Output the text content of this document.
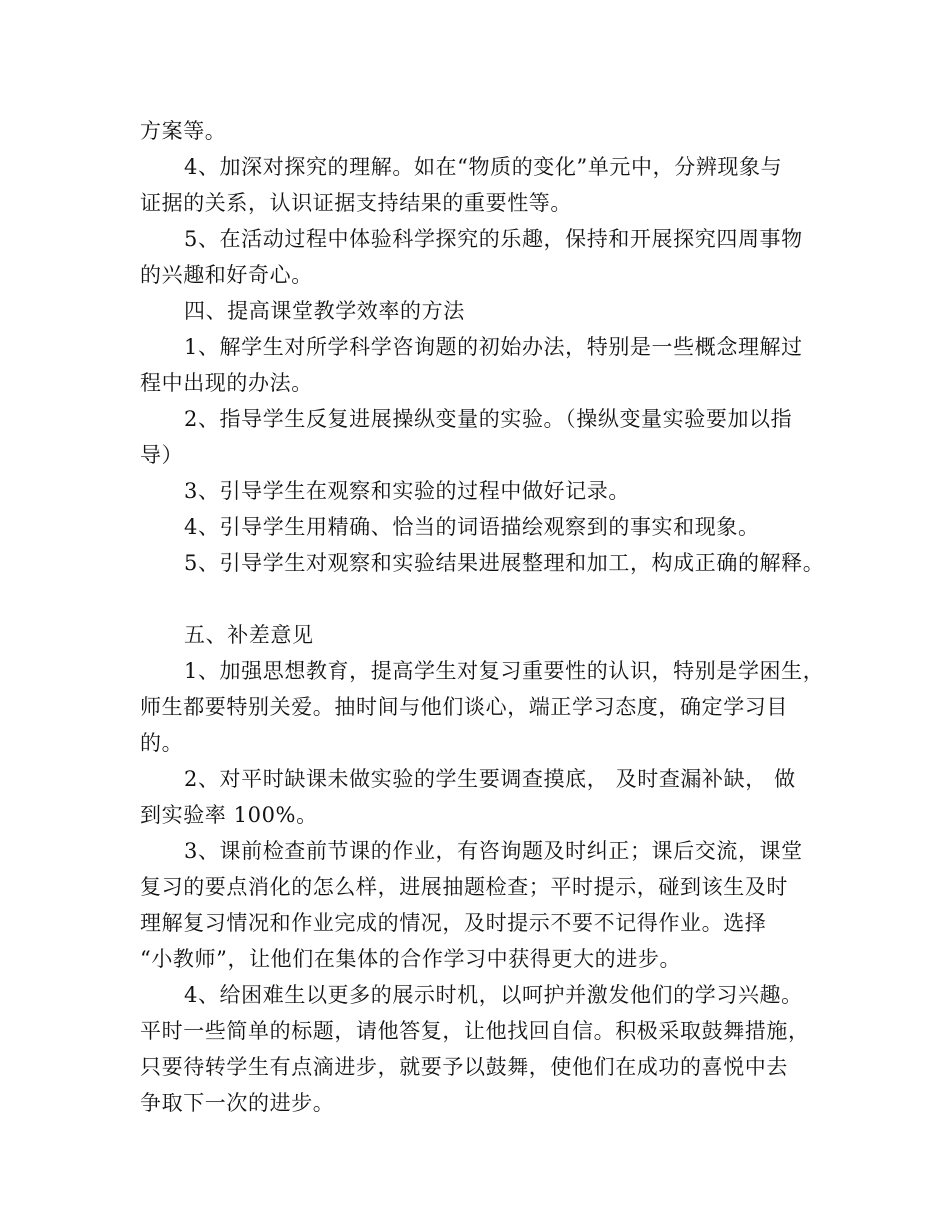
方案等。
4、加深对探究的理解。如在“物质的变化”单元中，分辨现象与
证据的关系，认识证据支持结果的重要性等。
5、在活动过程中体验科学探究的乐趣，保持和开展探究四周事物
的兴趣和好奇心。
四、提高课堂教学效率的方法
1、解学生对所学科学咨询题的初始办法，特别是一些概念理解过
程中出现的办法。
2、指导学生反复进展操纵变量的实验。（操纵变量实验要加以指
导）
3、引导学生在观察和实验的过程中做好记录。
4、引导学生用精确、恰当的词语描绘观察到的事实和现象。
5、引导学生对观察和实验结果进展整理和加工，构成正确的解释。
五、补差意见
1、加强思想教育，提高学生对复习重要性的认识，特别是学困生，
师生都要特别关爱。抽时间与他们谈心，端正学习态度，确定学习目
的。
2、对平时缺课未做实验的学生要调查摸底， 及时查漏补缺， 做
到实验率 100%。
3、课前检查前节课的作业，有咨询题及时纠正；课后交流，课堂
复习的要点消化的怎么样，进展抽题检查；平时提示，碰到该生及时
理解复习情况和作业完成的情况，及时提示不要不记得作业。选择
“小教师”，让他们在集体的合作学习中获得更大的进步。
4、给困难生以更多的展示时机，以呵护并激发他们的学习兴趣。
平时一些简单的标题，请他答复，让他找回自信。积极采取鼓舞措施，
只要待转学生有点滴进步，就要予以鼓舞，使他们在成功的喜悦中去
争取下一次的进步。
